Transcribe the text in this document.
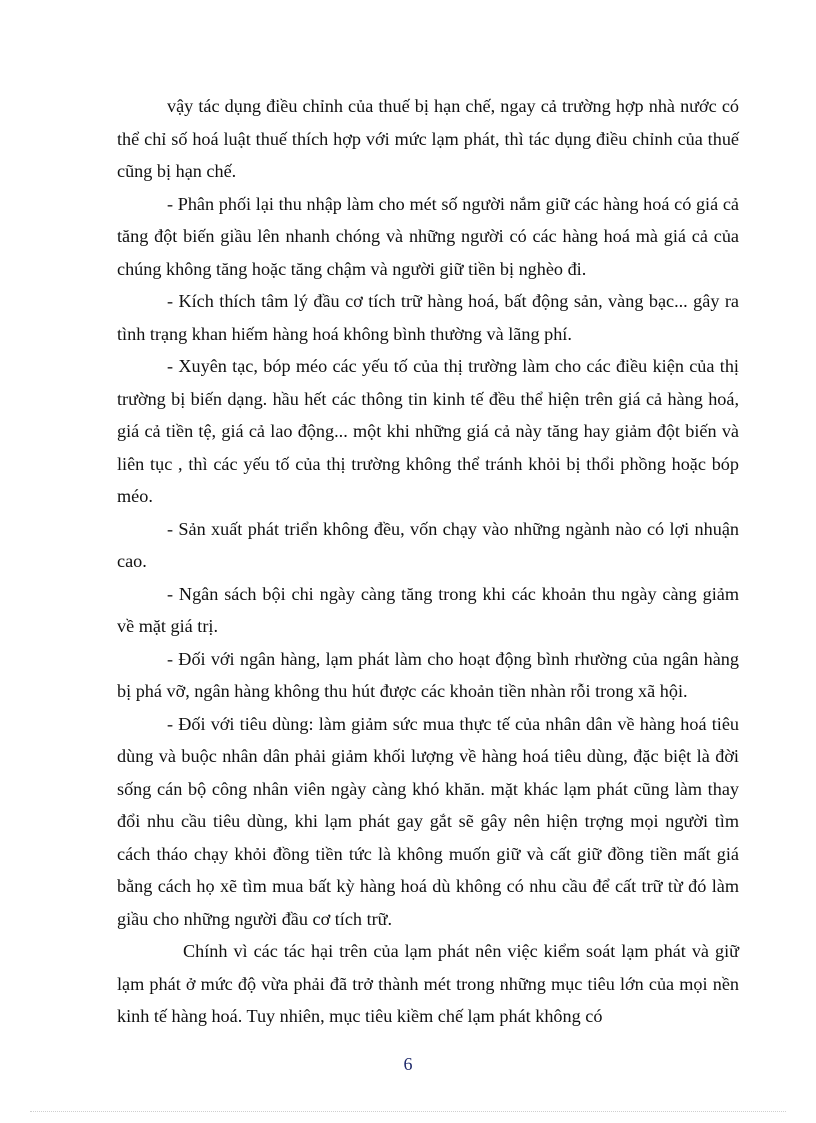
vậy tác dụng điều chỉnh của thuế bị hạn chế, ngay cả trường hợp nhà nước có thể chỉ số hoá luật thuế thích hợp với mức lạm phát, thì tác dụng điều chỉnh của thuế cũng bị hạn chế.

- Phân phối lại thu nhập làm cho mét số người nắm giữ các hàng hoá có giá cả tăng đột biến giầu lên nhanh chóng và những người có các hàng hoá mà giá cả của chúng không tăng hoặc tăng chậm và người giữ tiền bị nghèo đi.

- Kích thích tâm lý đầu cơ tích trữ hàng hoá, bất động sản, vàng bạc... gây ra tình trạng khan hiếm hàng hoá không bình thường và lãng phí.

- Xuyên tạc, bóp méo các yếu tố của thị trường làm cho các điều kiện của thị trường bị biến dạng. hầu hết các thông tin kinh tế đều thể hiện trên giá cả hàng hoá, giá cả tiền tệ, giá cả lao động... một khi những giá cả này tăng hay giảm đột biến và liên tục , thì các yếu tố của thị trường không thể tránh khỏi bị thổi phồng hoặc bóp méo.

- Sản xuất phát triển không đều, vốn chạy vào những ngành nào có lợi nhuận cao.

- Ngân sách bội chi ngày càng tăng trong khi các khoản thu ngày càng giảm về mặt giá trị.

- Đối với ngân hàng, lạm phát làm cho hoạt động bình rhường của ngân hàng bị phá vỡ, ngân hàng không thu hút được các khoản tiền nhàn rỗi trong xã hội.

- Đối với tiêu dùng: làm giảm sức mua thực tế của nhân dân về hàng hoá tiêu dùng và buộc nhân dân phải giảm khối lượng về hàng hoá tiêu dùng, đặc biệt là đời sống cán bộ công nhân viên ngày càng khó khăn. mặt khác lạm phát cũng làm thay đổi nhu cầu tiêu dùng, khi lạm phát gay gắt sẽ gây nên hiện trợng mọi người tìm cách tháo chạy khỏi đồng tiền tức là không muốn giữ và cất giữ đồng tiền mất giá bằng cách họ xẽ tìm mua bất kỳ hàng hoá dù không có nhu cầu để cất trữ từ đó làm giầu cho những người đầu cơ tích trữ.

Chính vì các tác hại trên của lạm phát nên việc kiểm soát lạm phát và giữ lạm phát ở mức độ vừa phải đã trở thành mét trong những mục tiêu lớn của mọi nền kinh tế hàng hoá. Tuy nhiên, mục tiêu kiềm chế lạm phát không có

6
